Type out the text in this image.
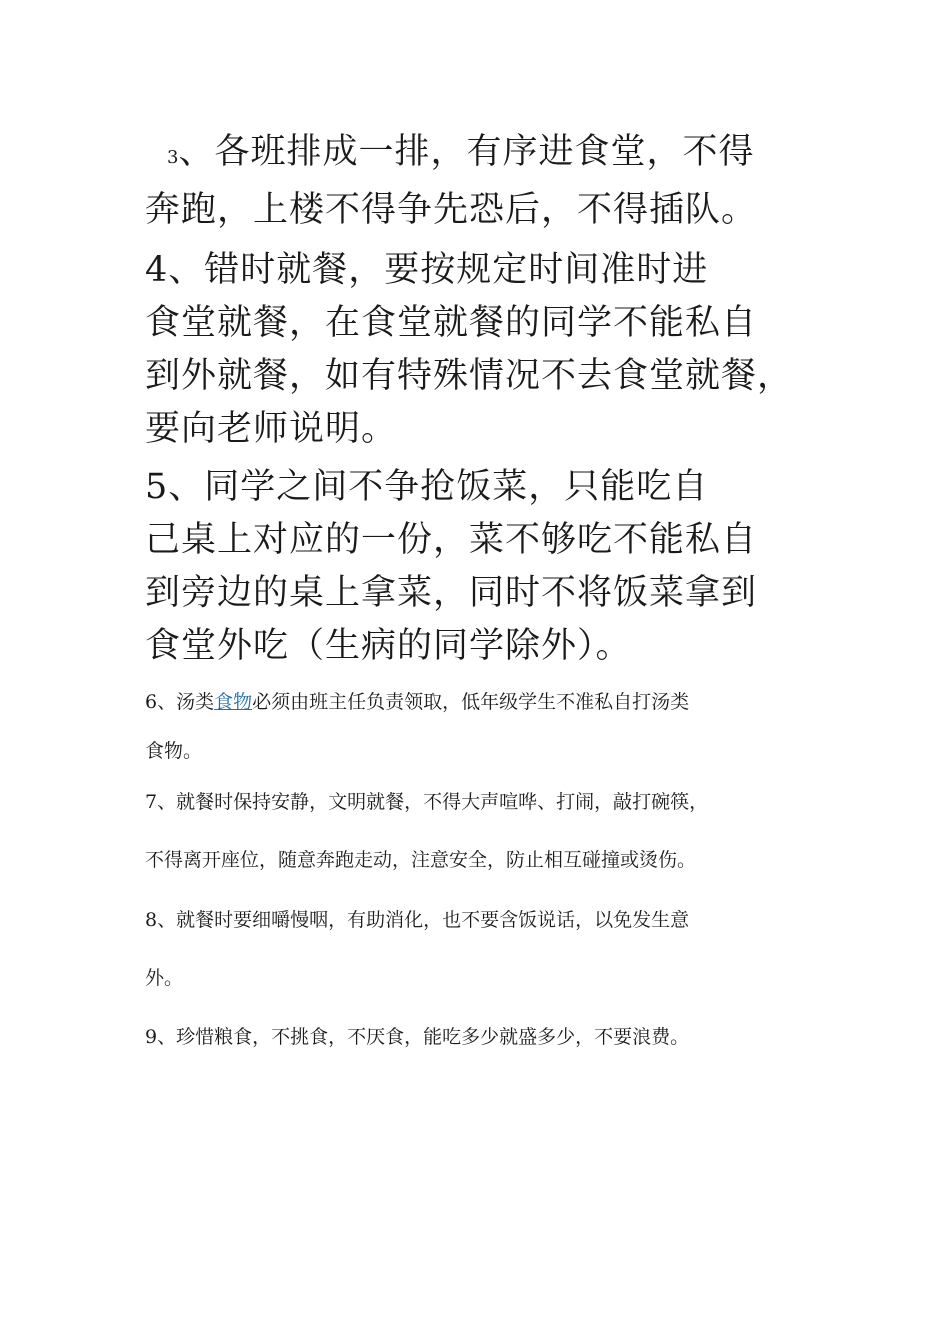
3、各班排成一排，有序进食堂，不得
奔跑，上楼不得争先恐后，不得插队。

4、错时就餐，要按规定时间准时进
食堂就餐，在食堂就餐的同学不能私自
到外就餐，如有特殊情况不去食堂就餐，
要向老师说明。

5、同学之间不争抢饭菜，只能吃自
己桌上对应的一份，菜不够吃不能私自
到旁边的桌上拿菜，同时不将饭菜拿到
食堂外吃（生病的同学除外）。

6、汤类食物必须由班主任负责领取，低年级学生不准私自打汤类
食物。

7、就餐时保持安静，文明就餐，不得大声喧哗、打闹，敲打碗筷，
不得离开座位，随意奔跑走动，注意安全，防止相互碰撞或烫伤。

8、就餐时要细嚼慢咽，有助消化，也不要含饭说话，以免发生意
外。

9、珍惜粮食，不挑食，不厌食，能吃多少就盛多少，不要浪费。
